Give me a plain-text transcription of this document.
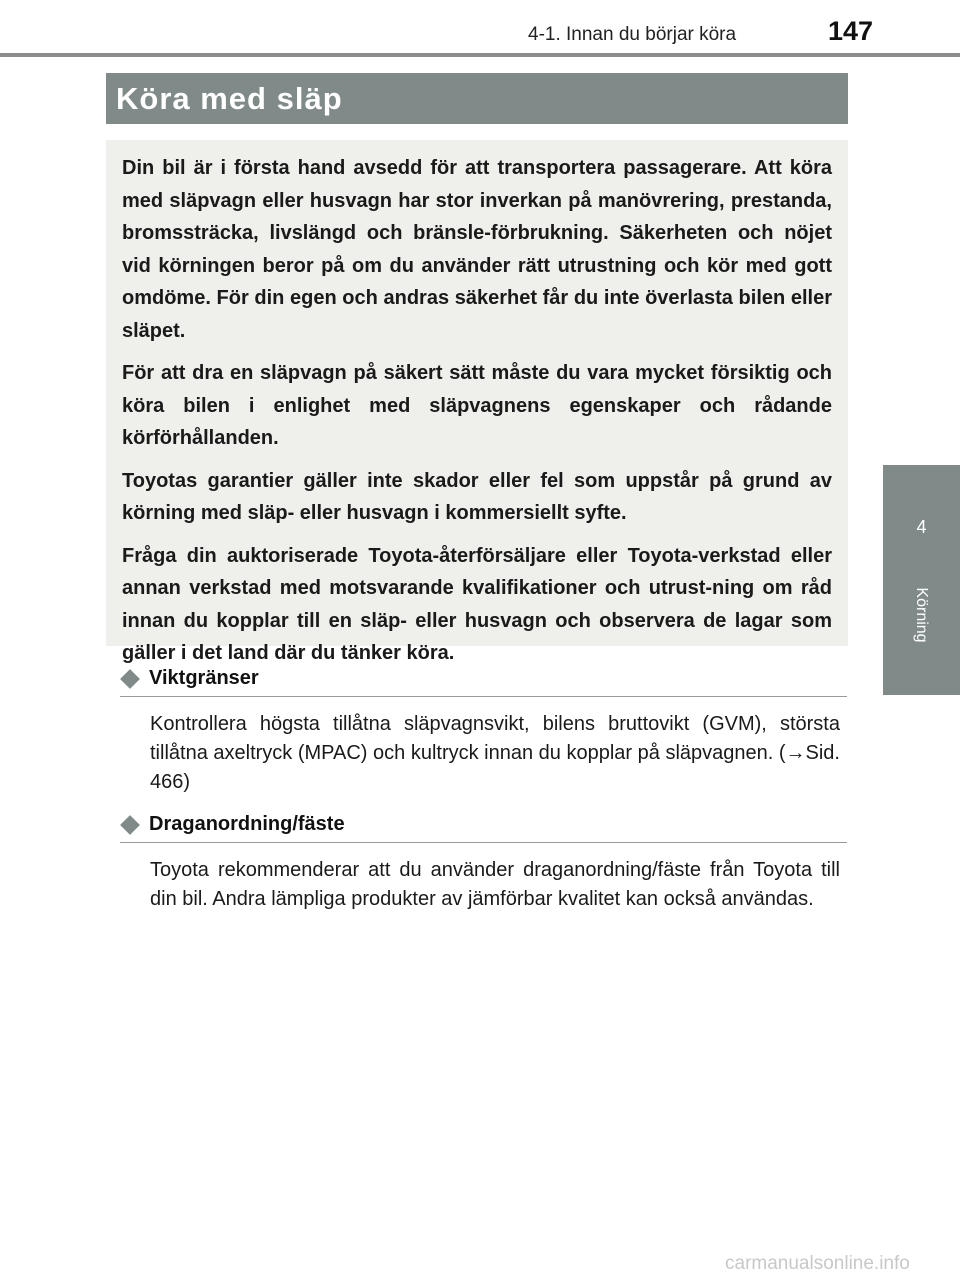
4-1. Innan du börjar köra	147
Köra med släp

Din bil är i första hand avsedd för att transportera passagerare. Att köra med släpvagn eller husvagn har stor inverkan på manövrering, prestanda, bromssträcka, livslängd och bränsle-förbrukning. Säkerheten och nöjet vid körningen beror på om du använder rätt utrustning och kör med gott omdöme. För din egen och andras säkerhet får du inte överlasta bilen eller släpet.

För att dra en släpvagn på säkert sätt måste du vara mycket försiktig och köra bilen i enlighet med släpvagnens egenskaper och rådande körförhållanden.

Toyotas garantier gäller inte skador eller fel som uppstår på grund av körning med släp- eller husvagn i kommersiellt syfte.

Fråga din auktoriserade Toyota-återförsäljare eller Toyota-verkstad eller annan verkstad med motsvarande kvalifikationer och utrust-ning om råd innan du kopplar till en släp- eller husvagn och observera de lagar som gäller i det land där du tänker köra.

4
Körning
Viktgränser

Kontrollera högsta tillåtna släpvagnsvikt, bilens bruttovikt (GVM), största tillåtna axeltryck (MPAC) och kultryck innan du kopplar på släpvagnen. (→Sid. 466)

Draganordning/fäste

Toyota rekommenderar att du använder draganordning/fäste från Toyota till din bil. Andra lämpliga produkter av jämförbar kvalitet kan också användas.

carmanualsonline.info
